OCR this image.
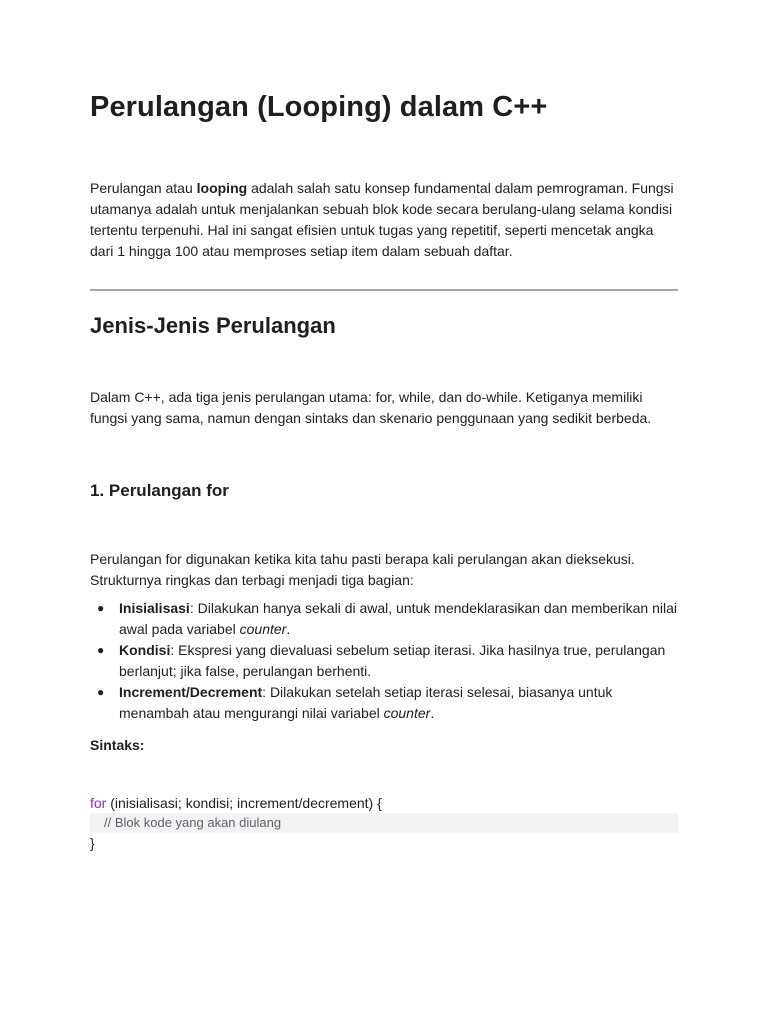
Perulangan (Looping) dalam C++

Perulangan atau looping adalah salah satu konsep fundamental dalam pemrograman. Fungsi utamanya adalah untuk menjalankan sebuah blok kode secara berulang-ulang selama kondisi tertentu terpenuhi. Hal ini sangat efisien untuk tugas yang repetitif, seperti mencetak angka dari 1 hingga 100 atau memproses setiap item dalam sebuah daftar.

Jenis-Jenis Perulangan

Dalam C++, ada tiga jenis perulangan utama: for, while, dan do-while. Ketiganya memiliki fungsi yang sama, namun dengan sintaks dan skenario penggunaan yang sedikit berbeda.

1. Perulangan for

Perulangan for digunakan ketika kita tahu pasti berapa kali perulangan akan dieksekusi. Strukturnya ringkas dan terbagi menjadi tiga bagian:

● Inisialisasi: Dilakukan hanya sekali di awal, untuk mendeklarasikan dan memberikan nilai awal pada variabel counter.
● Kondisi: Ekspresi yang dievaluasi sebelum setiap iterasi. Jika hasilnya true, perulangan berlanjut; jika false, perulangan berhenti.
● Increment/Decrement: Dilakukan setelah setiap iterasi selesai, biasanya untuk menambah atau mengurangi nilai variabel counter.
Sintaks:
for (inisialisasi; kondisi; increment/decrement) {
// Blok kode yang akan diulang
}
